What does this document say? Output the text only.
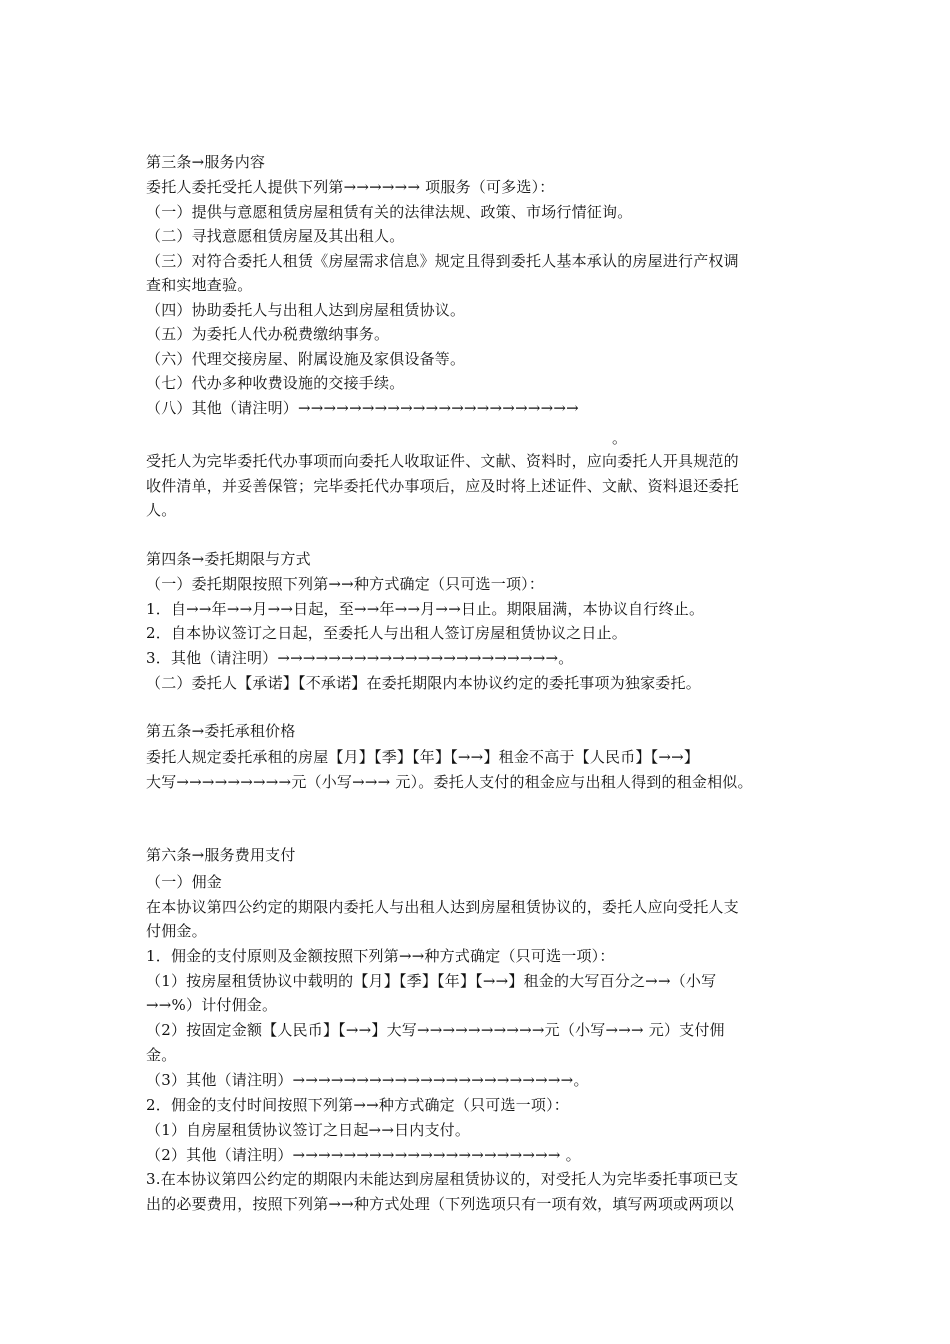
第三条→服务内容
委托人委托受托人提供下列第→→→→→→ 项服务（可多选）：
（一）提供与意愿租赁房屋租赁有关的法律法规、政策、市场行情征询。
（二）寻找意愿租赁房屋及其出租人。
（三）对符合委托人租赁《房屋需求信息》规定且得到委托人基本承认的房屋进行产权调
查和实地查验。
（四）协助委托人与出租人达到房屋租赁协议。
（五）为委托人代办税费缴纳事务。
（六）代理交接房屋、附属设施及家俱设备等。
（七）代办多种收费设施的交接手续。
（八）其他（请注明）→→→→→→→→→→→→→→→→→→→→→→
。
受托人为完毕委托代办事项而向委托人收取证件、文献、资料时，应向委托人开具规范的
收件清单，并妥善保管；完毕委托代办事项后，应及时将上述证件、文献、资料退还委托
人。
第四条→委托期限与方式
（一）委托期限按照下列第→→种方式确定（只可选一项）：
1．自→→年→→月→→日起，至→→年→→月→→日止。期限届满，本协议自行终止。
2．自本协议签订之日起，至委托人与出租人签订房屋租赁协议之日止。
3．其他（请注明）→→→→→→→→→→→→→→→→→→→→→→。
（二）委托人【承诺】【不承诺】在委托期限内本协议约定的委托事项为独家委托。
第五条→委托承租价格
委托人规定委托承租的房屋【月】【季】【年】【→→】租金不高于【人民币】【→→】
大写→→→→→→→→→元（小写→→→ 元）。委托人支付的租金应与出租人得到的租金相似。
第六条→服务费用支付
（一）佣金
在本协议第四公约定的期限内委托人与出租人达到房屋租赁协议的，委托人应向受托人支
付佣金。
1．佣金的支付原则及金额按照下列第→→种方式确定（只可选一项）：
（1）按房屋租赁协议中载明的【月】【季】【年】【→→】租金的大写百分之→→（小写
→→%）计付佣金。
（2）按固定金额【人民币】【→→】大写→→→→→→→→→→元（小写→→→ 元）支付佣
金。
（3）其他（请注明）→→→→→→→→→→→→→→→→→→→→→→。
2．佣金的支付时间按照下列第→→种方式确定（只可选一项）：
（1）自房屋租赁协议签订之日起→→日内支付。
（2）其他（请注明）→→→→→→→→→→→→→→→→→→→→→ 。
3.在本协议第四公约定的期限内未能达到房屋租赁协议的，对受托人为完毕委托事项已支
出的必要费用，按照下列第→→种方式处理（下列选项只有一项有效，填写两项或两项以
